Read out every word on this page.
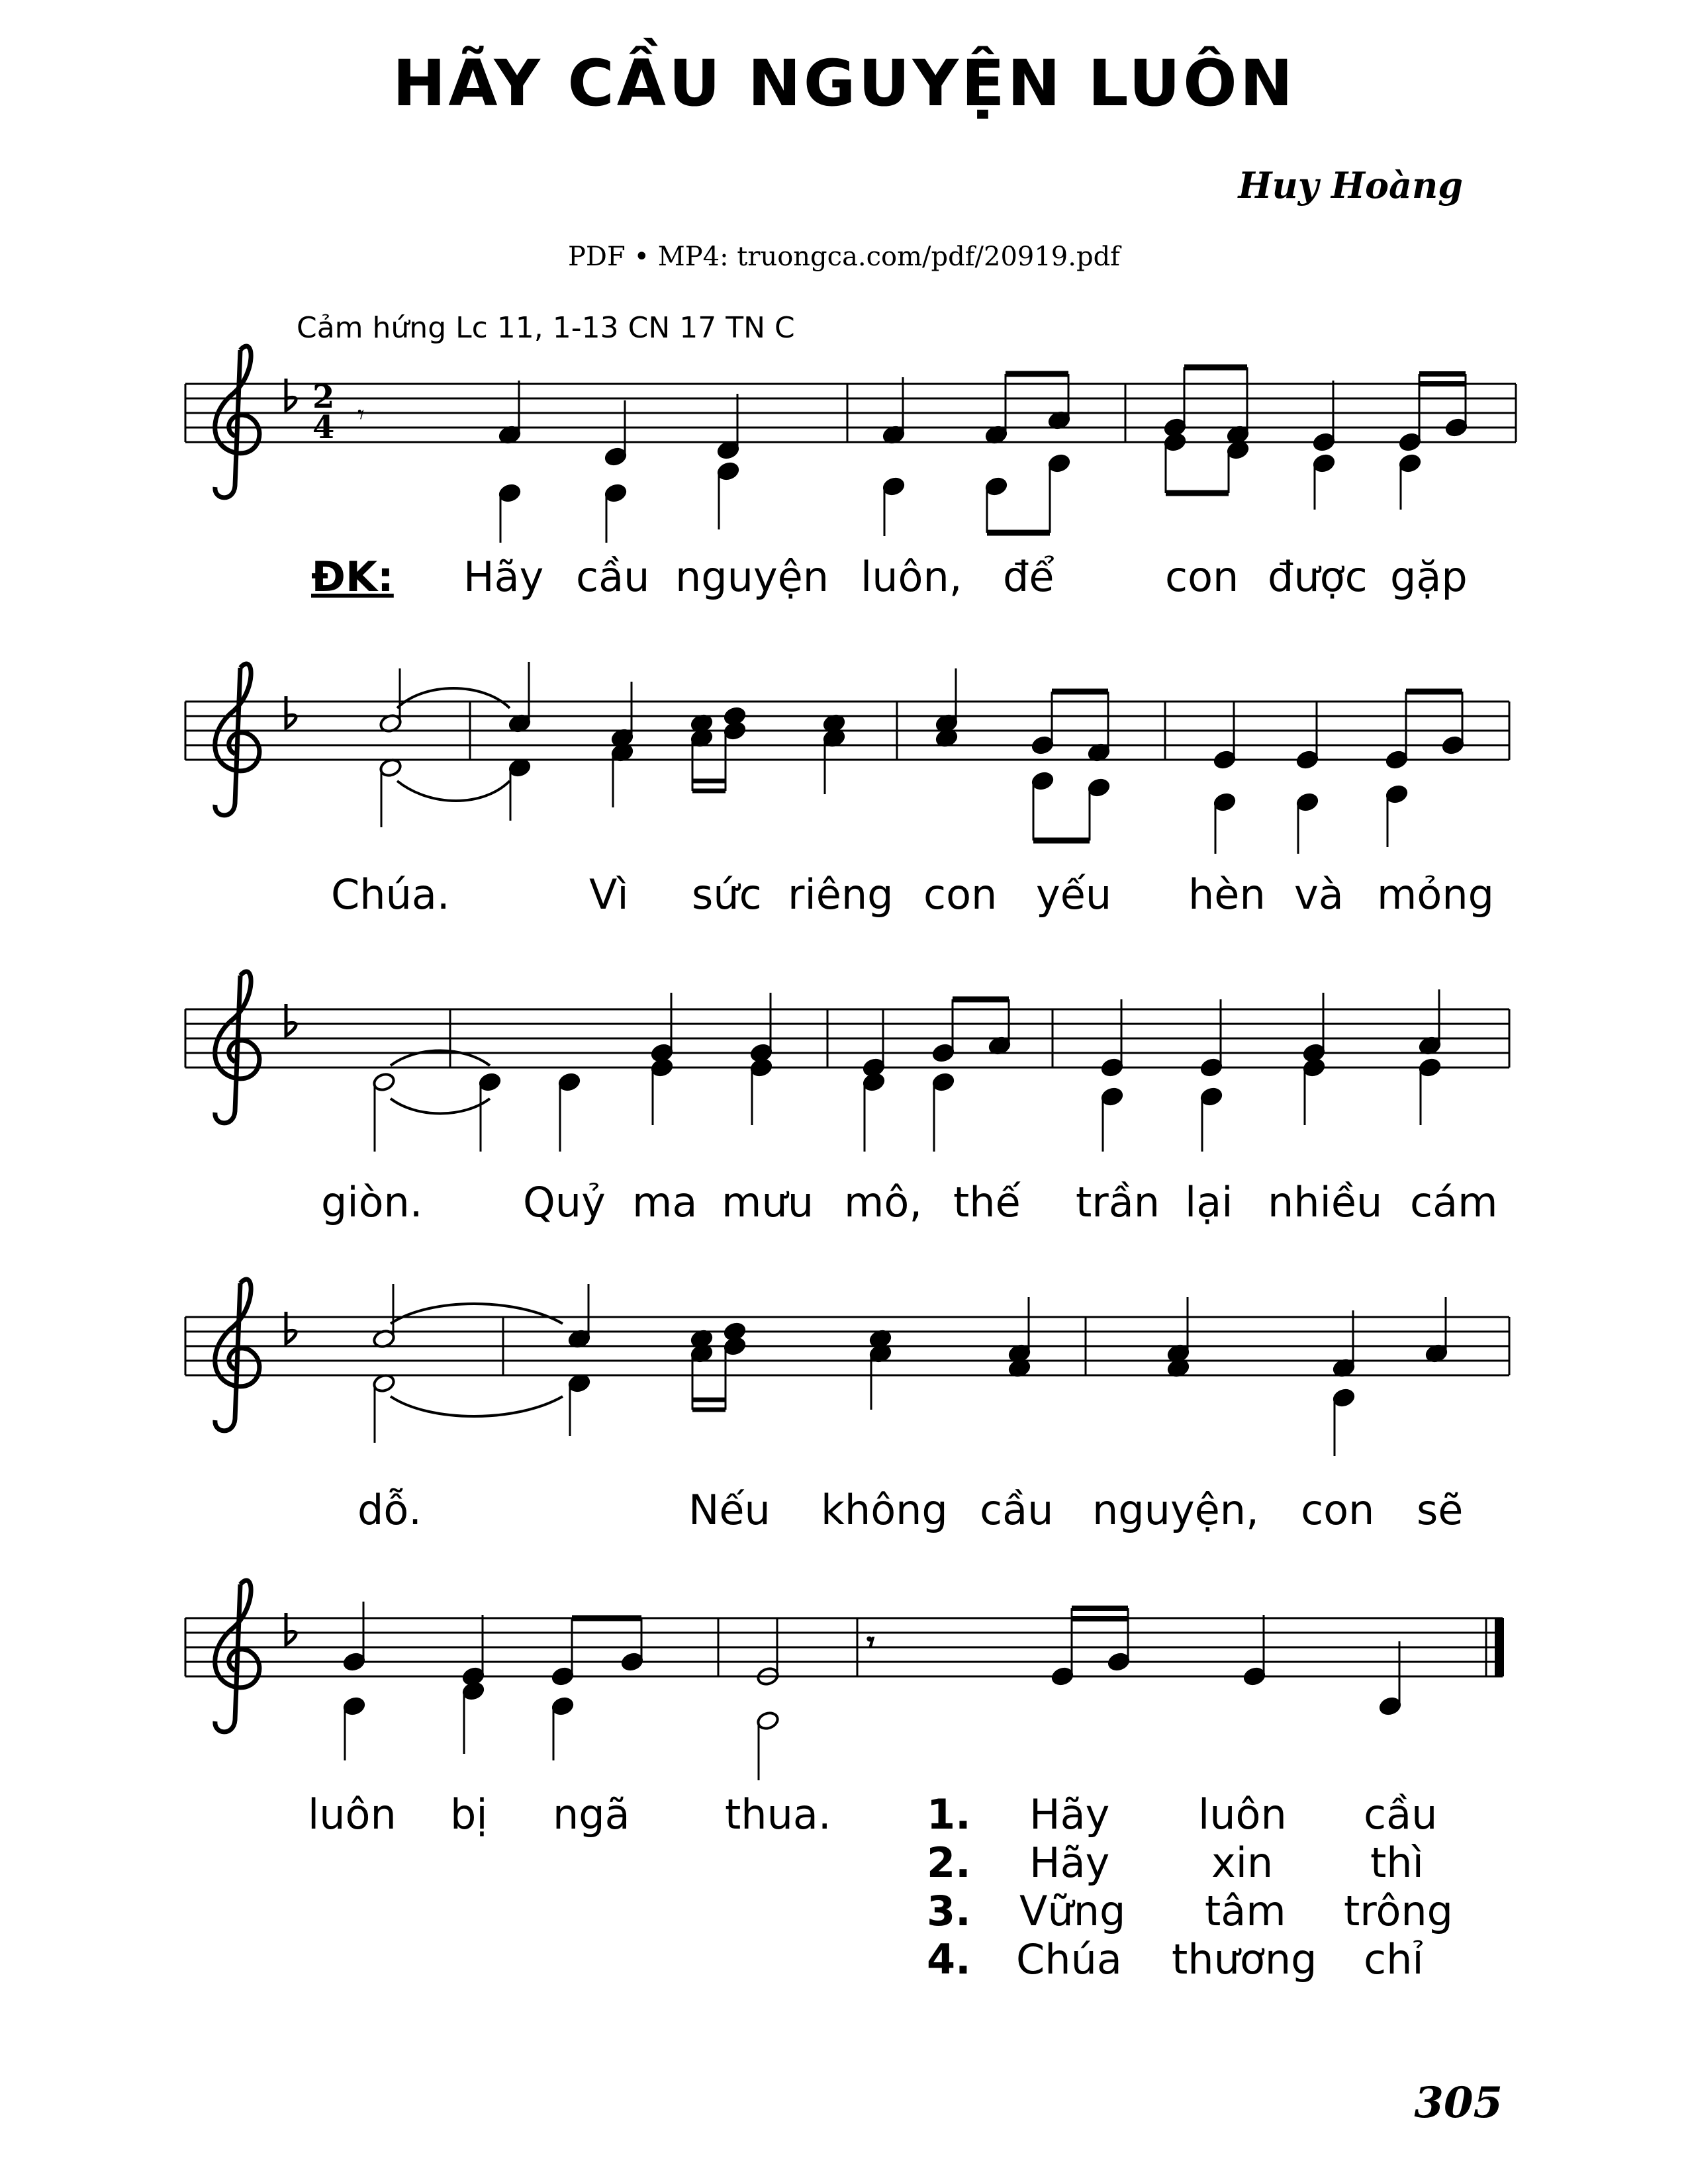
HÃY CẦU NGUYỆN LUÔN
Huy Hoàng
PDF • MP4: truongca.com/pdf/20919.pdf
Cảm hứng Lc 11, 1-13 CN 17 TN C
2
4 𝄾
𝄾
ĐK: Hãy cầu nguyện luôn, để	con được gặp
Chúa.	Vì sức riêng con yếu hèn và mỏng
giòn. Quỷ ma mưu mô, thế trần lại nhiều cám
dỗ.	Nếu không cầu nguyện, con sẽ
luôn bị ngã thua. 1. Hãy luôn cầu
2. Hãy xin thì
3. Vững tâm trông
4. Chúa thương chỉ
305
